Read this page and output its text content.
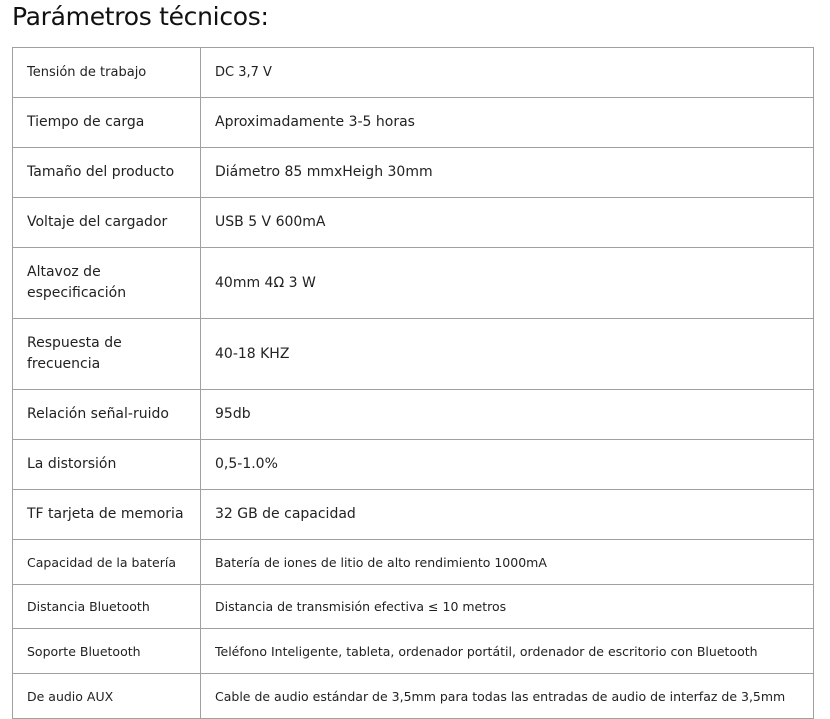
Parámetros técnicos:
Tensión de trabajo	DC 3,7 V
Tiempo de carga	Aproximadamente 3-5 horas
Tamaño del producto	Diámetro 85 mmxHeigh 30mm
Voltaje del cargador	USB 5 V 600mA
Altavoz de especificación	40mm 4Ω 3 W
Respuesta de frecuencia	40-18 KHZ
Relación señal-ruido	95db
La distorsión	0,5-1.0%
TF tarjeta de memoria	32 GB de capacidad
Capacidad de la batería	Batería de iones de litio de alto rendimiento 1000mA
Distancia Bluetooth	Distancia de transmisión efectiva ≤ 10 metros
Soporte Bluetooth	Teléfono Inteligente, tableta, ordenador portátil, ordenador de escritorio con Bluetooth
De audio AUX	Cable de audio estándar de 3,5mm para todas las entradas de audio de interfaz de 3,5mm
